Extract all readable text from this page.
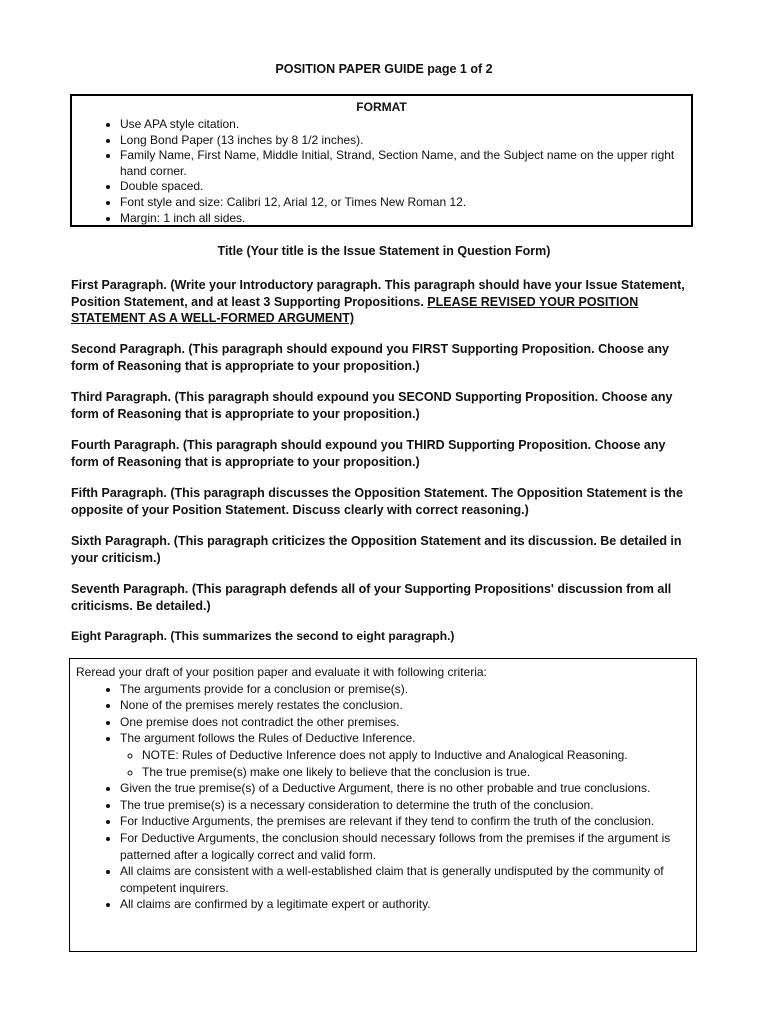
POSITION PAPER GUIDE page 1 of 2
FORMAT
• Use APA style citation.
• Long Bond Paper (13 inches by 8 1/2 inches).
• Family Name, First Name, Middle Initial, Strand, Section Name, and the Subject name on the upper right hand corner.
• Double spaced.
• Font style and size: Calibri 12, Arial 12, or Times New Roman 12.
• Margin: 1 inch all sides.
Title (Your title is the Issue Statement in Question Form)
First Paragraph. (Write your Introductory paragraph. This paragraph should have your Issue Statement, Position Statement, and at least 3 Supporting Propositions. PLEASE REVISED YOUR POSITION STATEMENT AS A WELL-FORMED ARGUMENT)
Second Paragraph. (This paragraph should expound you FIRST Supporting Proposition. Choose any form of Reasoning that is appropriate to your proposition.)
Third Paragraph. (This paragraph should expound you SECOND Supporting Proposition. Choose any form of Reasoning that is appropriate to your proposition.)
Fourth Paragraph. (This paragraph should expound you THIRD Supporting Proposition. Choose any form of Reasoning that is appropriate to your proposition.)
Fifth Paragraph. (This paragraph discusses the Opposition Statement. The Opposition Statement is the opposite of your Position Statement. Discuss clearly with correct reasoning.)
Sixth Paragraph. (This paragraph criticizes the Opposition Statement and its discussion. Be detailed in your criticism.)
Seventh Paragraph. (This paragraph defends all of your Supporting Propositions' discussion from all criticisms. Be detailed.)
Eight Paragraph. (This summarizes the second to eight paragraph.)

Reread your draft of your position paper and evaluate it with following criteria:

• The arguments provide for a conclusion or premise(s).
• None of the premises merely restates the conclusion.
• One premise does not contradict the other premises.
• The argument follows the Rules of Deductive Inference.
◦ NOTE: Rules of Deductive Inference does not apply to Inductive and Analogical Reasoning.
◦ The true premise(s) make one likely to believe that the conclusion is true.
• Given the true premise(s) of a Deductive Argument, there is no other probable and true conclusions.
• The true premise(s) is a necessary consideration to determine the truth of the conclusion.
• For Inductive Arguments, the premises are relevant if they tend to confirm the truth of the conclusion.
• For Deductive Arguments, the conclusion should necessary follows from the premises if the argument is patterned after a logically correct and valid form.
• All claims are consistent with a well-established claim that is generally undisputed by the community of competent inquirers.
• All claims are confirmed by a legitimate expert or authority.
